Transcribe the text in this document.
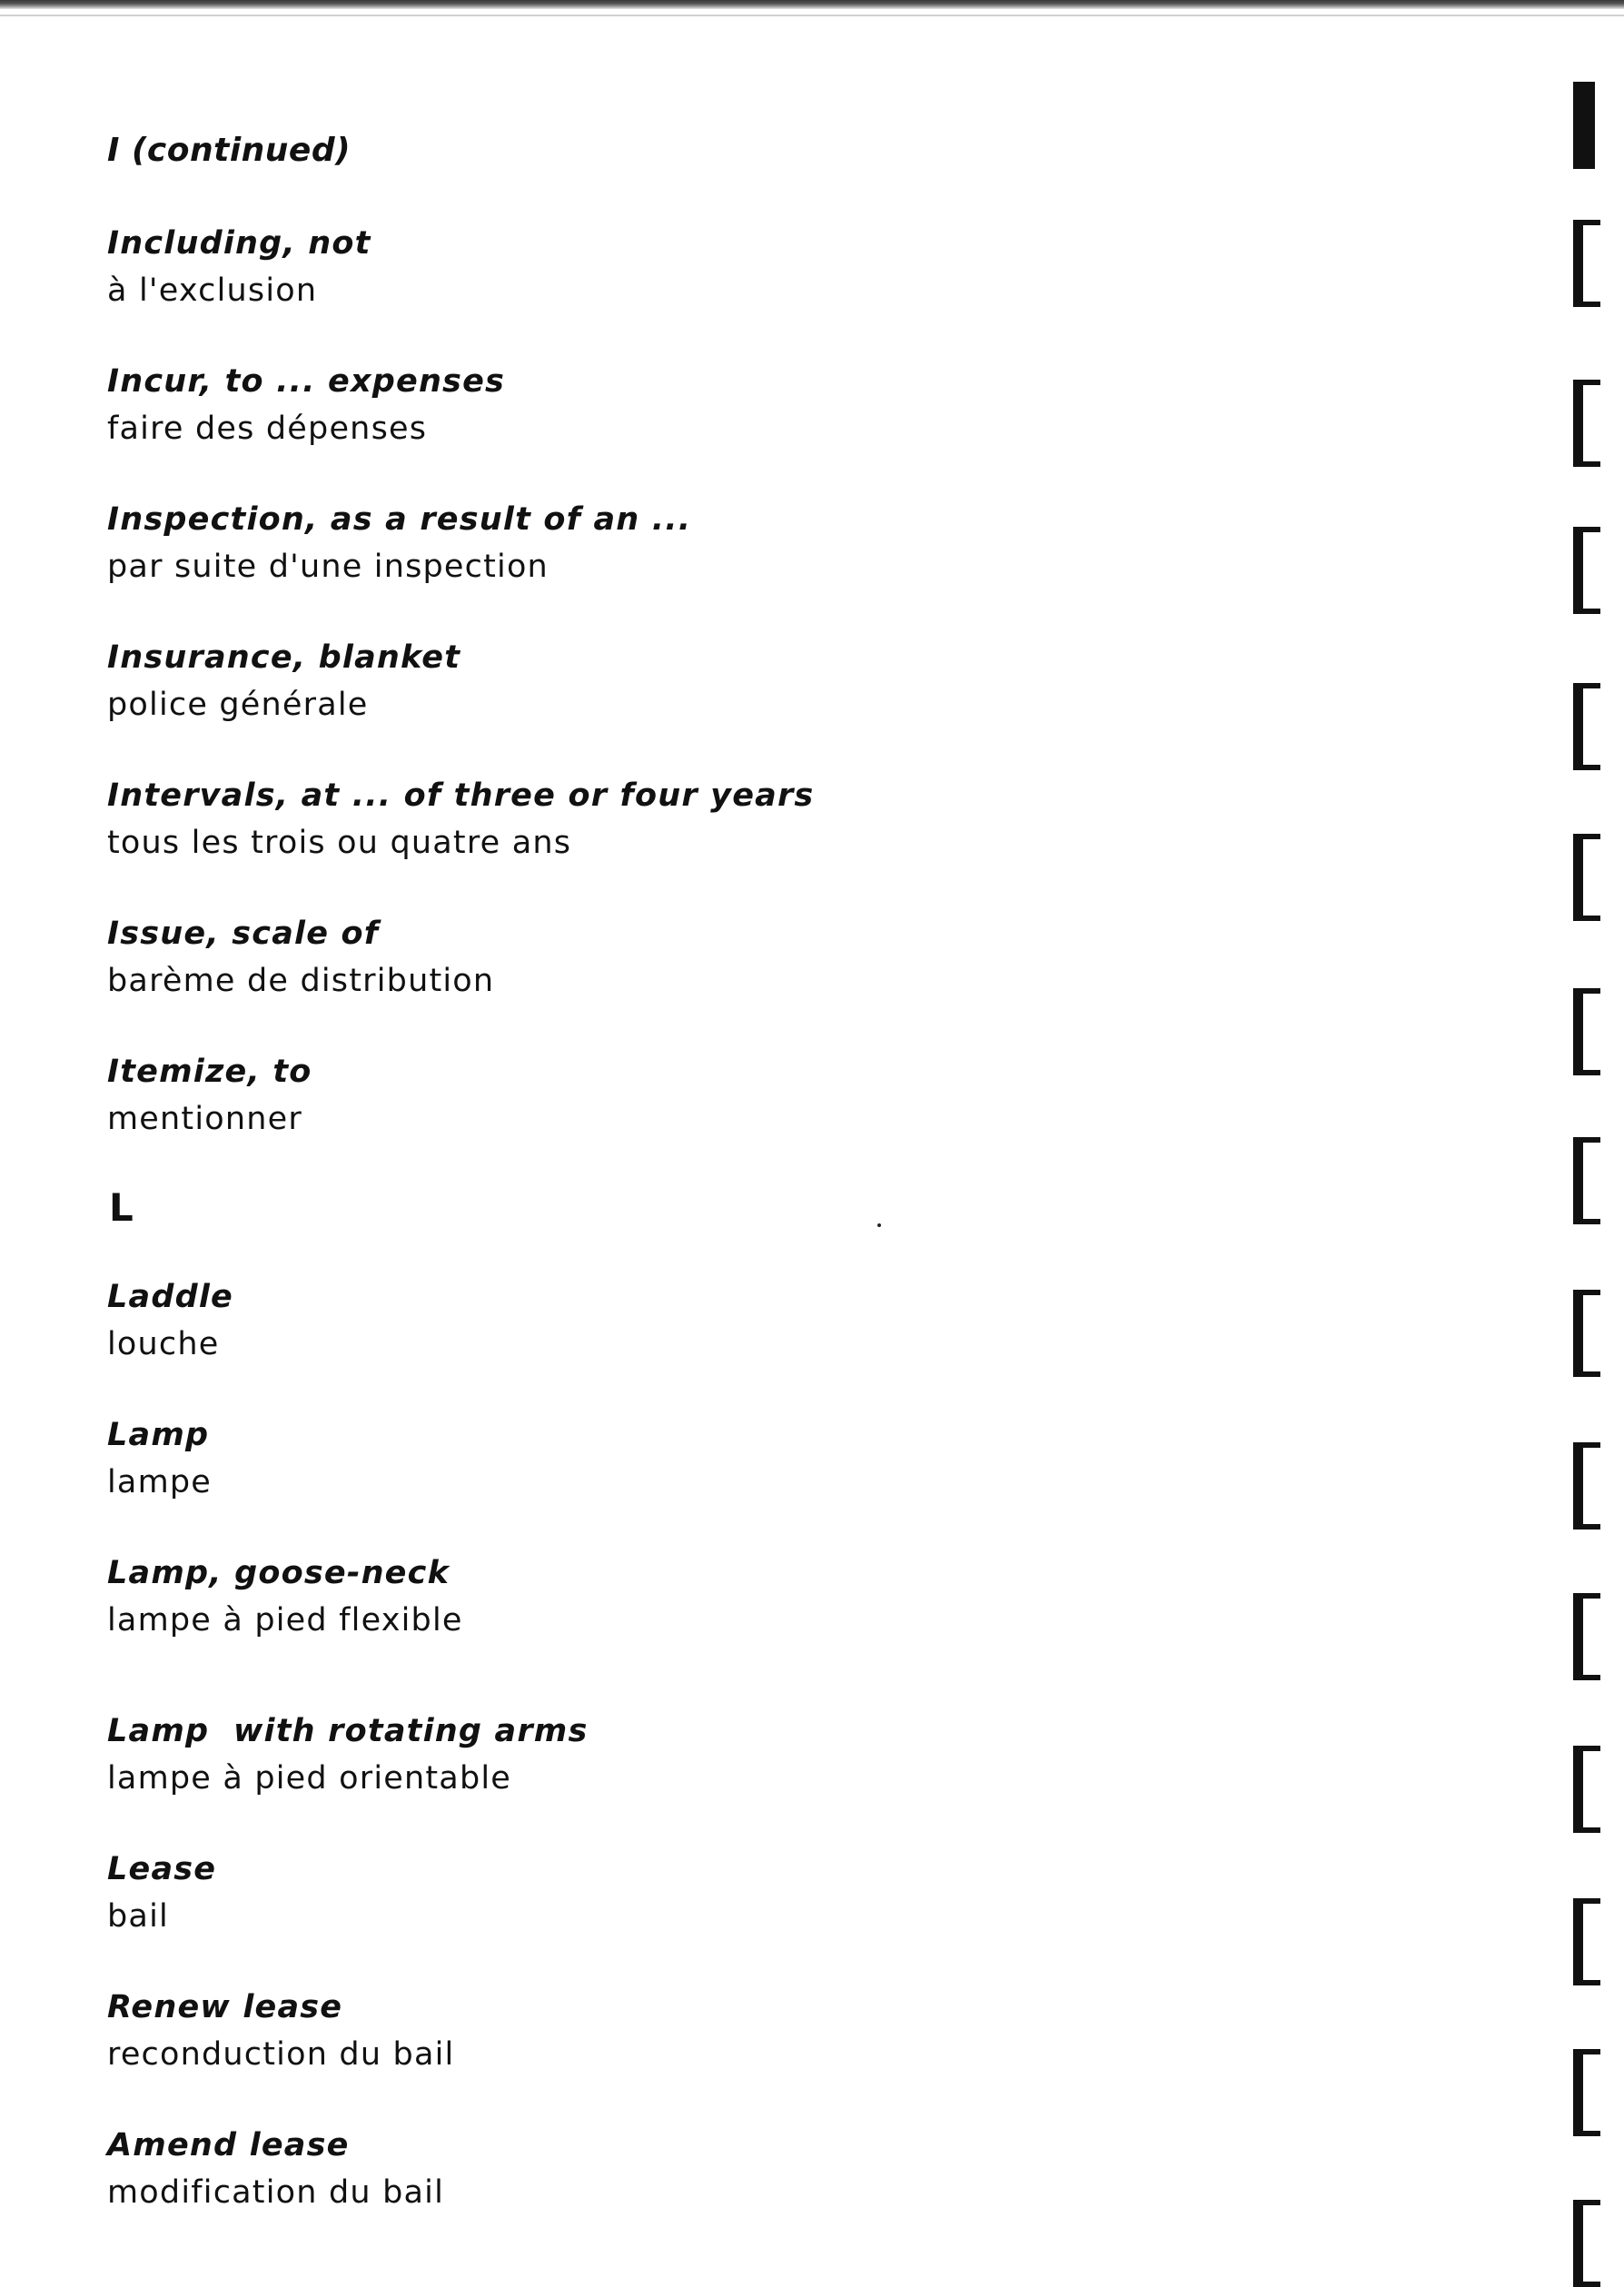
I (continued)
Including, not
à l'exclusion
Incur, to ... expenses
faire des dépenses
Inspection, as a result of an ...
par suite d'une inspection
Insurance, blanket
police générale
Intervals, at ... of three or four years
tous les trois ou quatre ans
Issue, scale of
barème de distribution
Itemize, to
mentionner
L
Laddle
louche
Lamp
lampe
Lamp, goose-neck
lampe à pied flexible
Lamp  with rotating arms
lampe à pied orientable
Lease
bail
Renew lease
reconduction du bail
Amend lease
modification du bail
